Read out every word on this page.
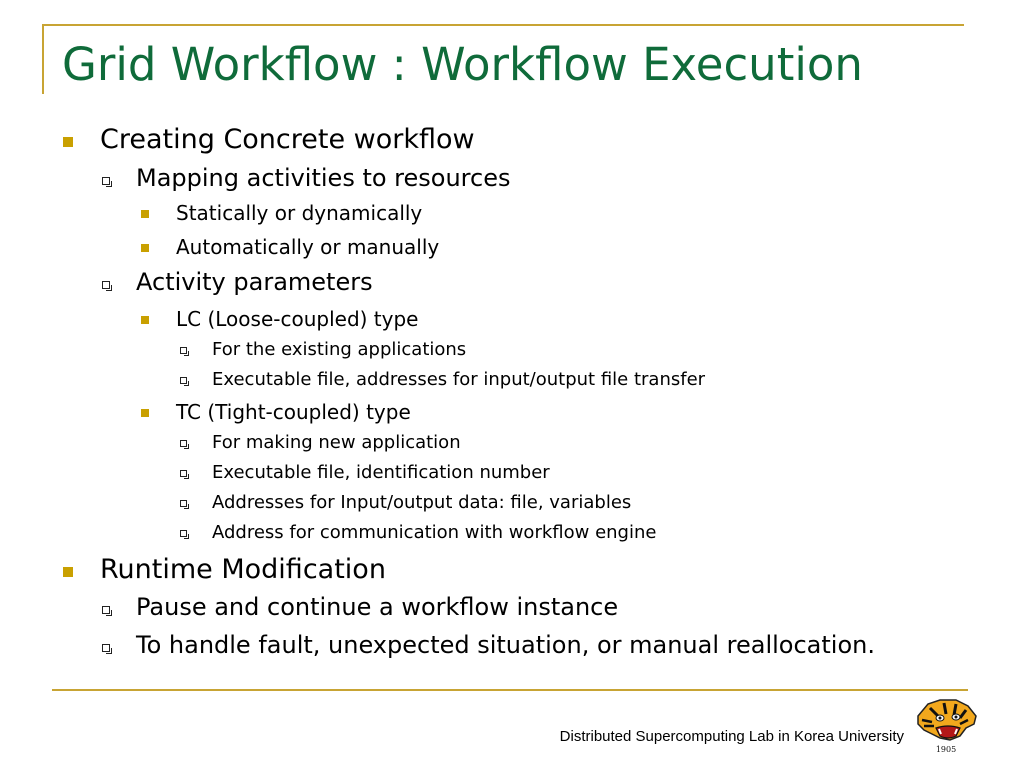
Grid Workflow : Workflow Execution
Creating Concrete workflow
Mapping activities to resources
Statically or dynamically
Automatically or manually
Activity parameters
LC (Loose-coupled) type
For the existing applications
Executable file, addresses for input/output file transfer
TC (Tight-coupled) type
For making new application
Executable file, identification number
Addresses for Input/output data: file, variables
Address for communication with workflow engine
Runtime Modification
Pause and continue a workflow instance
To handle fault, unexpected situation, or manual reallocation.
Distributed Supercomputing Lab in Korea University
1905
